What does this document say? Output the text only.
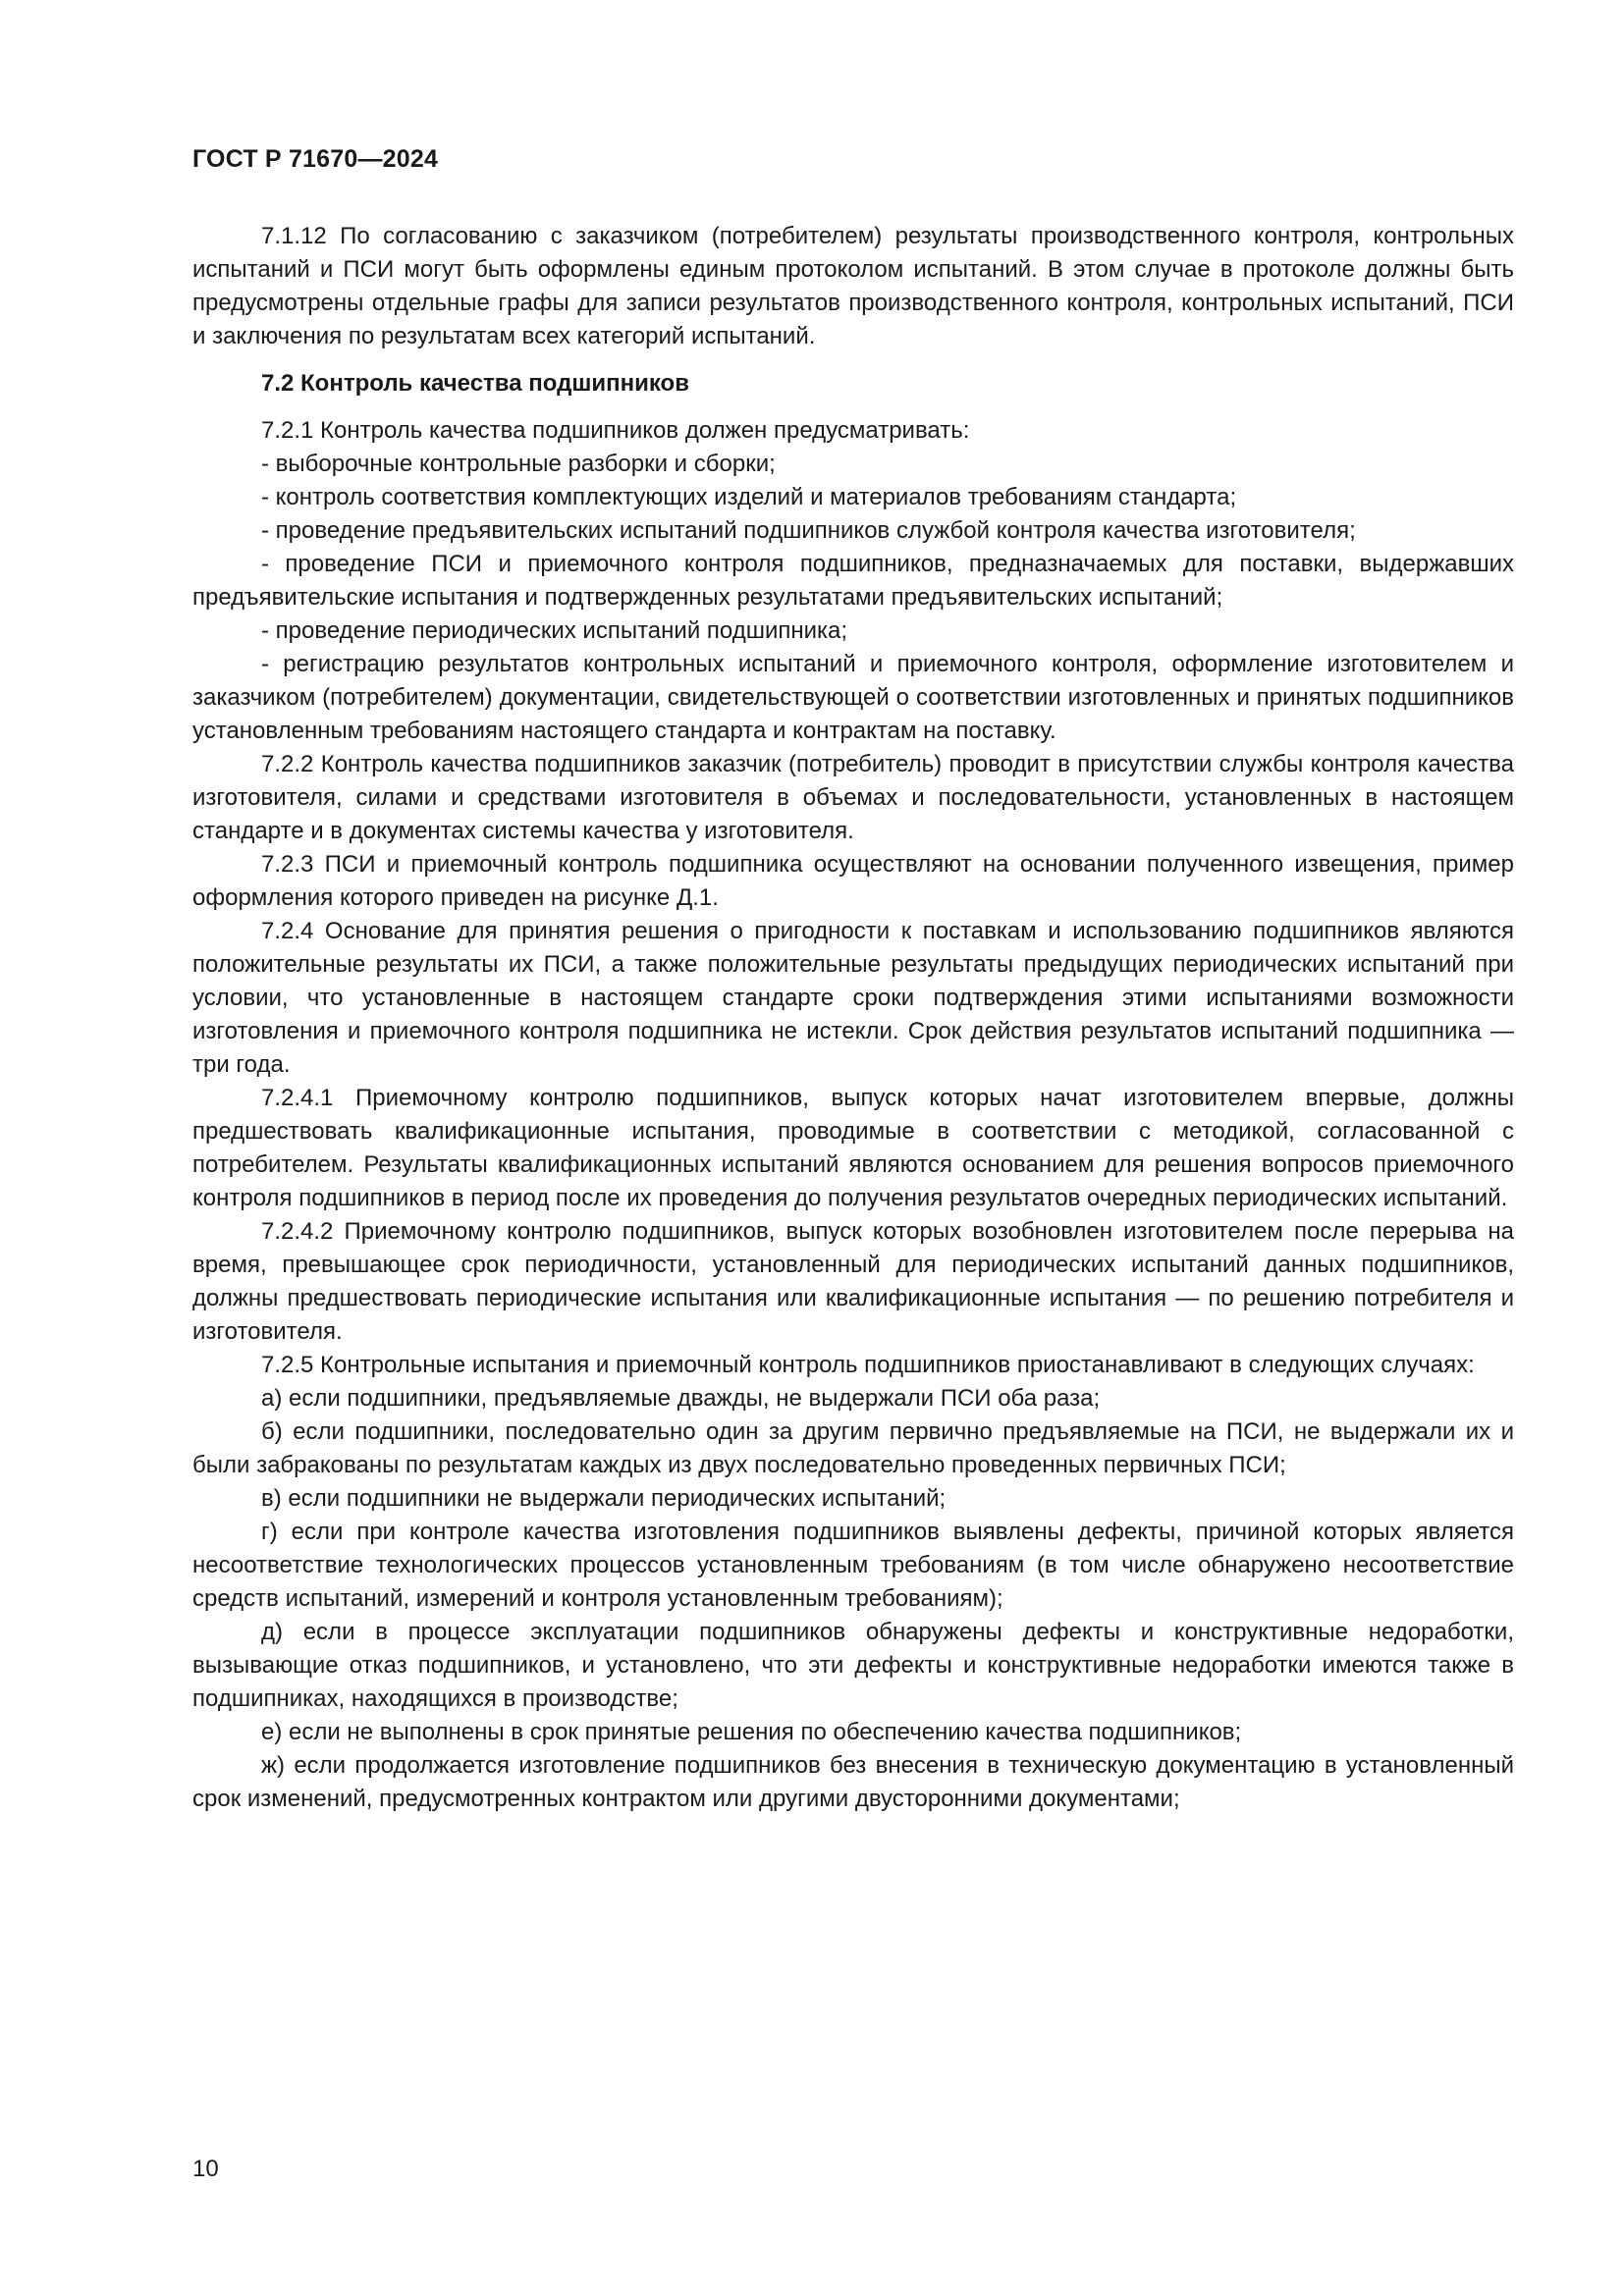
ГОСТ Р 71670—2024

7.1.12 По согласованию с заказчиком (потребителем) результаты производственного контроля, контрольных испытаний и ПСИ могут быть оформлены единым протоколом испытаний. В этом случае в протоколе должны быть предусмотрены отдельные графы для записи результатов производственного контроля, контрольных испытаний, ПСИ и заключения по результатам всех категорий испытаний.

7.2 Контроль качества подшипников

7.2.1 Контроль качества подшипников должен предусматривать:

- выборочные контрольные разборки и сборки;

- контроль соответствия комплектующих изделий и материалов требованиям стандарта;

- проведение предъявительских испытаний подшипников службой контроля качества изготовителя;

- проведение ПСИ и приемочного контроля подшипников, предназначаемых для поставки, выдержавших предъявительские испытания и подтвержденных результатами предъявительских испытаний;

- проведение периодических испытаний подшипника;

- регистрацию результатов контрольных испытаний и приемочного контроля, оформление изготовителем и заказчиком (потребителем) документации, свидетельствующей о соответствии изготовленных и принятых подшипников установленным требованиям настоящего стандарта и контрактам на поставку.

7.2.2 Контроль качества подшипников заказчик (потребитель) проводит в присутствии службы контроля качества изготовителя, силами и средствами изготовителя в объемах и последовательности, установленных в настоящем стандарте и в документах системы качества у изготовителя.

7.2.3 ПСИ и приемочный контроль подшипника осуществляют на основании полученного извещения, пример оформления которого приведен на рисунке Д.1.

7.2.4 Основание для принятия решения о пригодности к поставкам и использованию подшипников являются положительные результаты их ПСИ, а также положительные результаты предыдущих периодических испытаний при условии, что установленные в настоящем стандарте сроки подтверждения этими испытаниями возможности изготовления и приемочного контроля подшипника не истекли. Срок действия результатов испытаний подшипника — три года.

7.2.4.1 Приемочному контролю подшипников, выпуск которых начат изготовителем впервые, должны предшествовать квалификационные испытания, проводимые в соответствии с методикой, согласованной с потребителем. Результаты квалификационных испытаний являются основанием для решения вопросов приемочного контроля подшипников в период после их проведения до получения результатов очередных периодических испытаний.

7.2.4.2 Приемочному контролю подшипников, выпуск которых возобновлен изготовителем после перерыва на время, превышающее срок периодичности, установленный для периодических испытаний данных подшипников, должны предшествовать периодические испытания или квалификационные испытания — по решению потребителя и изготовителя.

7.2.5 Контрольные испытания и приемочный контроль подшипников приостанавливают в следующих случаях:

а) если подшипники, предъявляемые дважды, не выдержали ПСИ оба раза;

б) если подшипники, последовательно один за другим первично предъявляемые на ПСИ, не выдержали их и были забракованы по результатам каждых из двух последовательно проведенных первичных ПСИ;

в) если подшипники не выдержали периодических испытаний;

г) если при контроле качества изготовления подшипников выявлены дефекты, причиной которых является несоответствие технологических процессов установленным требованиям (в том числе обнаружено несоответствие средств испытаний, измерений и контроля установленным требованиям);

д) если в процессе эксплуатации подшипников обнаружены дефекты и конструктивные недоработки, вызывающие отказ подшипников, и установлено, что эти дефекты и конструктивные недоработки имеются также в подшипниках, находящихся в производстве;

е) если не выполнены в срок принятые решения по обеспечению качества подшипников;

ж) если продолжается изготовление подшипников без внесения в техническую документацию в установленный срок изменений, предусмотренных контрактом или другими двусторонними документами;

10
